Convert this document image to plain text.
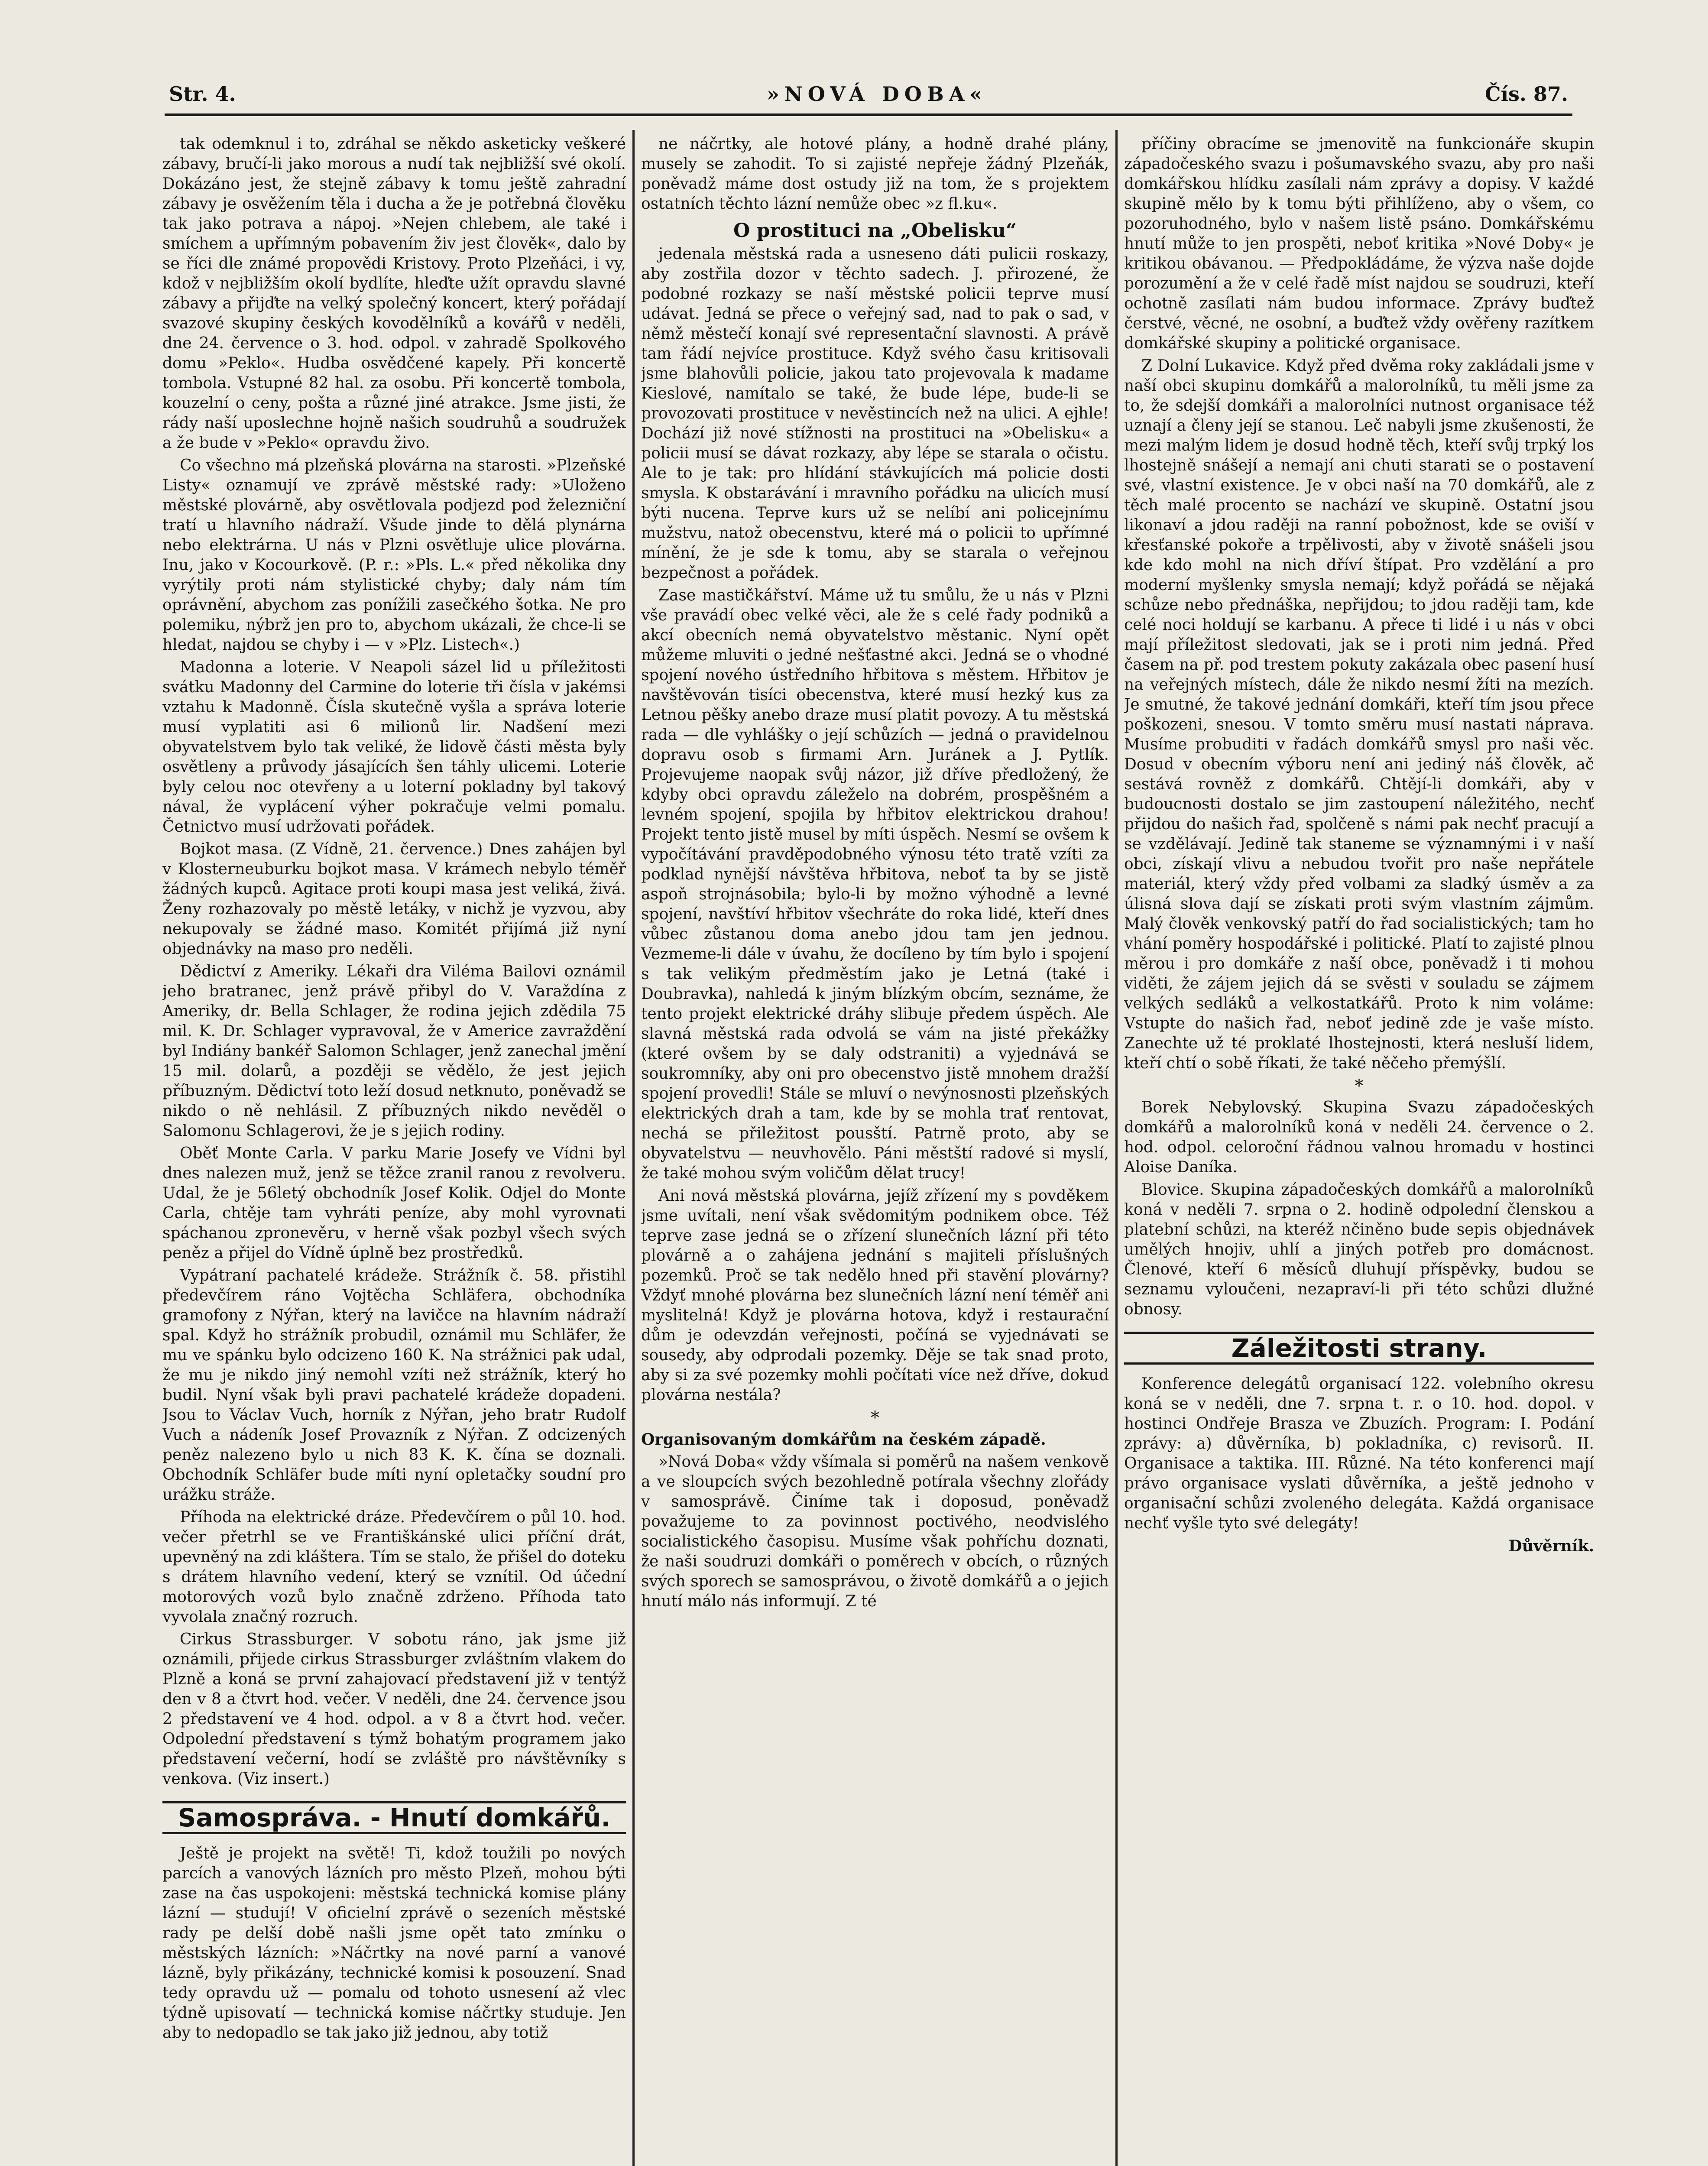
Str. 4.	»NOVÁ DOBA«	Čís. 87.

tak odemknul i to, zdráhal se někdo asketicky veškeré zábavy, bručí-li jako morous a nudí tak nejbližší své okolí. Dokázáno jest, že stejně zábavy k tomu ještě zahradní zábavy je osvěžením těla i ducha a že je potřebná člověku tak jako potrava a nápoj. »Nejen chlebem, ale také i smíchem a upřímným pobavením živ jest člověk«, dalo by se říci dle známé propovědi Kristovy. Proto Plzeňáci, i vy, kdož v nejbližším okolí bydlíte, hleďte užít opravdu slavné zábavy a přijďte na velký společný koncert, který pořádají svazové skupiny českých kovodělníků a kovářů v neděli, dne 24. července o 3. hod. odpol. v zahradě Spolkového domu »Peklo«. Hudba osvědčené kapely. Při koncertě tombola. Vstupné 82 hal. za osobu. Při koncertě tombola, kouzelní o ceny, pošta a různé jiné atrakce. Jsme jisti, že rády naší uposlechne hojně našich soudruhů a soudružek a že bude v »Peklo« opravdu živo.

Co všechno má plzeňská plovárna na starosti. »Plzeňské Listy« oznamují ve zprávě městské rady: »Uloženo městské plovárně, aby osvětlovala podjezd pod železniční tratí u hlavního nádraží. Všude jinde to dělá plynárna nebo elektrárna. U nás v Plzni osvětluje ulice plovárna. Inu, jako v Kocourkově. (P. r.: »Pls. L.« před několika dny vyrýtily proti nám stylistické chyby; daly nám tím oprávnění, abychom zas ponížili zasečkého šotka. Ne pro polemiku, nýbrž jen pro to, abychom ukázali, že chce-li se hledat, najdou se chyby i — v »Plz. Listech«.)

Madonna a loterie. V Neapoli sázel lid u příležitosti svátku Madonny del Carmine do loterie tři čísla v jakémsi vztahu k Madonně. Čísla skutečně vyšla a správa loterie musí vyplatiti asi 6 milionů lir. Nadšení mezi obyvatelstvem bylo tak veliké, že lidově části města byly osvětleny a průvody jásajících šen táhly ulicemi. Loterie byly celou noc otevřeny a u loterní pokladny byl takový nával, že vyplácení výher pokračuje velmi pomalu. Četnictvo musí udržovati pořádek.

Bojkot masa. (Z Vídně, 21. července.) Dnes zahájen byl v Klosterneuburku bojkot masa. V krámech nebylo téměř žádných kupců. Agitace proti koupi masa jest veliká, živá. Ženy rozhazovaly po městě letáky, v nichž je vyzvou, aby nekupovaly se žádné maso. Komitét přijímá již nyní objednávky na maso pro neděli.

Dědictví z Ameriky. Lékaři dra Viléma Bailovi oznámil jeho bratranec, jenž právě přibyl do V. Varaždína z Ameriky, dr. Bella Schlager, že rodina jejich zdědila 75 mil. K. Dr. Schlager vypravoval, že v Americe zavraždění byl Indiány bankéř Salomon Schlager, jenž zanechal jmění 15 mil. dolarů, a později se vědělo, že jest jejich příbuzným. Dědictví toto leží dosud netknuto, poněvadž se nikdo o ně nehlásil. Z příbuzných nikdo nevěděl o Salomonu Schlagerovi, že je s jejich rodiny.

Oběť Monte Carla. V parku Marie Josefy ve Vídni byl dnes nalezen muž, jenž se těžce zranil ranou z revolveru. Udal, že je 56letý obchodník Josef Kolik. Odjel do Monte Carla, chtěje tam vyhráti peníze, aby mohl vyrovnati spáchanou zpronevěru, v herně však pozbyl všech svých peněz a přijel do Vídně úplně bez prostředků.

Vypátraní pachatelé krádeže. Strážník č. 58. přistihl předevčírem ráno Vojtěcha Schläfera, obchodníka gramofony z Nýřan, který na lavičce na hlavním nádraží spal. Když ho strážník probudil, oznámil mu Schläfer, že mu ve spánku bylo odcizeno 160 K. Na strážnici pak udal, že mu je nikdo jiný nemohl vzíti než strážník, který ho budil. Nyní však byli pravi pachatelé krádeže dopadeni. Jsou to Václav Vuch, horník z Nýřan, jeho bratr Rudolf Vuch a nádeník Josef Provazník z Nýřan. Z odcizených peněz nalezeno bylo u nich 83 K. K. čína se doznali. Obchodník Schläfer bude míti nyní opletačky soudní pro urážku stráže.

Příhoda na elektrické dráze. Předevčírem o půl 10. hod. večer přetrhl se ve Františkánské ulici příční drát, upevněný na zdi kláštera. Tím se stalo, že přišel do doteku s drátem hlavního vedení, který se vznítil. Od účední motorových vozů bylo značně zdrženo. Příhoda tato vyvolala značný rozruch.

Cirkus Strassburger. V sobotu ráno, jak jsme již oznámili, přijede cirkus Strassburger zvláštním vlakem do Plzně a koná se první zahajovací představení již v tentýž den v 8 a čtvrt hod. večer. V neděli, dne 24. července jsou 2 představení ve 4 hod. odpol. a v 8 a čtvrt hod. večer. Odpolední představení s týmž bohatým programem jako představení večerní, hodí se zvláště pro návštěvníky s venkova. (Viz insert.)

Samospráva. - Hnutí domkářů.

Ještě je projekt na světě! Ti, kdož toužili po nových parcích a vanových lázních pro město Plzeň, mohou býti zase na čas uspokojeni: městská technická komise plány lázní — studují! V oficielní zprávě o sezeních městské rady pe delší době našli jsme opět tato zmínku o městských lázních: »Náčrtky na nové parní a vanové lázně, byly přikázány, technické komisi k posouzení. Snad tedy opravdu už — pomalu od tohoto usnesení až vlec týdně upisovatí — technická komise náčrtky studuje. Jen aby to nedopadlo se tak jako již jednou, aby totiž

ne náčrtky, ale hotové plány, a hodně drahé plány, musely se zahodit. To si zajisté nepřeje žádný Plzeňák, poněvadž máme dost ostudy již na tom, že s projektem ostatních těchto lázní nemůže obec »z fl.ku«.

O prostituci na „Obelisku“

jedenala městská rada a usneseno dáti pulicii roskazy, aby zostřila dozor v těchto sadech. J. přirozené, že podobné rozkazy se naší městské policii teprve musí udávat. Jedná se přece o veřejný sad, nad to pak o sad, v němž městečí konají své representační slavnosti. A právě tam řádí nejvíce prostituce. Když svého času kritisovali jsme blahovůli policie, jakou tato projevovala k madame Kieslové, namítalo se také, že bude lépe, bude-li se provozovati prostituce v nevěstincích než na ulici. A ejhle! Dochází již nové stížnosti na prostituci na »Obelisku« a policii musí se dávat rozkazy, aby lépe se starala o očistu. Ale to je tak: pro hlídání stávkujících má policie dosti smysla. K obstarávání i mravního pořádku na ulicích musí býti nucena. Teprve kurs už se nelíbí ani policejnímu mužstvu, natož obecenstvu, které má o policii to upřímné mínění, že je sde k tomu, aby se starala o veřejnou bezpečnost a pořádek.

Zase mastičkářství. Máme už tu smůlu, že u nás v Plzni vše pravádí obec velké věci, ale že s celé řady podniků a akcí obecních nemá obyvatelstvo městanic. Nyní opět můžeme mluviti o jedné nešťastné akci. Jedná se o vhodné spojení nového ústředního hřbitova s městem. Hřbitov je navštěvován tisíci obecenstva, které musí hezký kus za Letnou pěšky anebo draze musí platit povozy. A tu městská rada — dle vyhlášky o její schůzích — jedná o pravidelnou dopravu osob s firmami Arn. Juránek a J. Pytlík. Projevujeme naopak svůj názor, již dříve předložený, že kdyby obci opravdu záleželo na dobrém, prospěšném a levném spojení, spojila by hřbitov elektrickou drahou! Projekt tento jistě musel by míti úspěch. Nesmí se ovšem k vypočítávání pravděpodobného výnosu této tratě vzíti za podklad nynější návštěva hřbitova, neboť ta by se jistě aspoň strojnásobila; bylo-li by možno výhodně a levné spojení, navštíví hřbitov všechráte do roka lidé, kteří dnes vůbec zůstanou doma anebo jdou tam jen jednou. Vezmeme-li dále v úvahu, že docíleno by tím bylo i spojení s tak velikým předměstím jako je Letná (také i Doubravka), nahledá k jiným blízkým obcím, seznáme, že tento projekt elektrické dráhy slibuje předem úspěch. Ale slavná městská rada odvolá se vám na jisté překážky (které ovšem by se daly odstraniti) a vyjednává se soukromníky, aby oni pro obecenstvo jistě mnohem dražší spojení provedli! Stále se mluví o nevýnosnosti plzeňských elektrických drah a tam, kde by se mohla trať rentovat, nechá se přiležitost pousští. Patrně proto, aby se obyvatelstvu — neuvhovělo. Páni městští radové si myslí, že také mohou svým voličům dělat trucy!

Ani nová městská plovárna, jejíž zřízení my s povděkem jsme uvítali, není však svědomitým podnikem obce. Též teprve zase jedná se o zřízení slunečních lázní při této plovárně a o zahájena jednání s majiteli příslušných pozemků. Proč se tak nedělo hned při stavění plovárny? Vždyť mnohé plovárna bez slunečních lázní není téměř ani myslitelná! Když je plovárna hotova, když i restaurační dům je odevzdán veřejnosti, počíná se vyjednávati se sousedy, aby odprodali pozemky. Děje se tak snad proto, aby si za své pozemky mohli počítati více než dříve, dokud plovárna nestála?

*

Organisovaným domkářům na českém západě.

»Nová Doba« vždy všímala si poměrů na našem venkově a ve sloupcích svých bezohledně potírala všechny zlořády v samosprávě. Činíme tak i doposud, poněvadž považujeme to za povinnost poctivého, neodvislého socialistického časopisu. Musíme však pohříchu doznati, že naši soudruzi domkáři o poměrech v obcích, o různých svých sporech se samosprávou, o životě domkářů a o jejich hnutí málo nás informují. Z té

příčiny obracíme se jmenovitě na funkcionáře skupin západočeského svazu i pošumavského svazu, aby pro naši domkářskou hlídku zasílali nám zprávy a dopisy. V každé skupině mělo by k tomu býti přihlíženo, aby o všem, co pozoruhodného, bylo v našem listě psáno. Domkářskému hnutí může to jen prospěti, neboť kritika »Nové Doby« je kritikou obávanou. — Předpokládáme, že výzva naše dojde porozumění a že v celé řadě míst najdou se soudruzi, kteří ochotně zasílati nám budou informace. Zprávy buďtež čerstvé, věcné, ne osobní, a buďtež vždy ověřeny razítkem domkářské skupiny a politické organisace.

Z Dolní Lukavice. Když před dvěma roky zakládali jsme v naší obci skupinu domkářů a malorolníků, tu měli jsme za to, že sdejší domkáři a malorolníci nutnost organisace též uznají a členy její se stanou. Leč nabyli jsme zkušenosti, že mezi malým lidem je dosud hodně těch, kteří svůj trpký los lhostejně snášejí a nemají ani chuti starati se o postavení své, vlastní existence. Je v obci naší na 70 domkářů, ale z těch malé procento se nachází ve skupině. Ostatní jsou likonaví a jdou raději na ranní pobožnost, kde se oviší v křesťanské pokoře a trpělivosti, aby v životě snášeli jsou kde kdo mohl na nich dříví štípat. Pro vzdělání a pro moderní myšlenky smysla nemají; když pořádá se nějaká schůze nebo přednáška, nepřijdou; to jdou raději tam, kde celé noci holdují se karbanu. A přece ti lidé i u nás v obci mají příležitost sledovati, jak se i proti nim jedná. Před časem na př. pod trestem pokuty zakázala obec pasení husí na veřejných místech, dále že nikdo nesmí žíti na mezích. Je smutné, že takové jednání domkáři, kteří tím jsou přece poškozeni, snesou. V tomto směru musí nastati náprava. Musíme probuditi v řadách domkářů smysl pro naši věc. Dosud v obecním výboru není ani jediný náš člověk, ač sestává rovněž z domkářů. Chtějí-li domkáři, aby v budoucnosti dostalo se jim zastoupení náležitého, nechť přijdou do našich řad, spolčeně s námi pak nechť pracují a se vzdělávají. Jedině tak staneme se významnými i v naší obci, získají vlivu a nebudou tvořit pro naše nepřátele materiál, který vždy před volbami za sladký úsměv a za úlisná slova dají se získati proti svým vlastním zájmům. Malý člověk venkovský patří do řad socialistických; tam ho vhání poměry hospodářské i politické. Platí to zajisté plnou měrou i pro domkáře z naší obce, poněvadž i ti mohou viděti, že zájem jejich dá se svěsti v souladu se zájmem velkých sedláků a velkostatkářů. Proto k nim voláme: Vstupte do našich řad, neboť jedině zde je vaše místo. Zanechte už té proklaté lhostejnosti, která nesluší lidem, kteří chtí o sobě říkati, že také něčeho přemýšlí.

*

Borek Nebylovský. Skupina Svazu západočeských domkářů a malorolníků koná v neděli 24. července o 2. hod. odpol. celoroční řádnou valnou hromadu v hostinci Aloise Daníka.

Blovice. Skupina západočeských domkářů a malorolníků koná v neděli 7. srpna o 2. hodině odpolední členskou a platební schůzi, na kteréž nčiněno bude sepis objednávek umělých hnojiv, uhlí a jiných potřeb pro domácnost. Členové, kteří 6 měsíců dluhují příspěvky, budou se seznamu vyloučeni, nezapraví-li při této schůzi dlužné obnosy.

Záležitosti strany.

Konference delegátů organisací 122. volebního okresu koná se v neděli, dne 7. srpna t. r. o 10. hod. dopol. v hostinci Ondřeje Brasza ve Zbuzích. Program: I. Podání zprávy: a) důvěrníka, b) pokladníka, c) revisorů. II. Organisace a taktika. III. Různé. Na této konferenci mají právo organisace vyslati důvěrníka, a ještě jednoho v organisační schůzi zvoleného delegáta. Každá organisace nechť vyšle tyto své delegáty!

Důvěrník.
